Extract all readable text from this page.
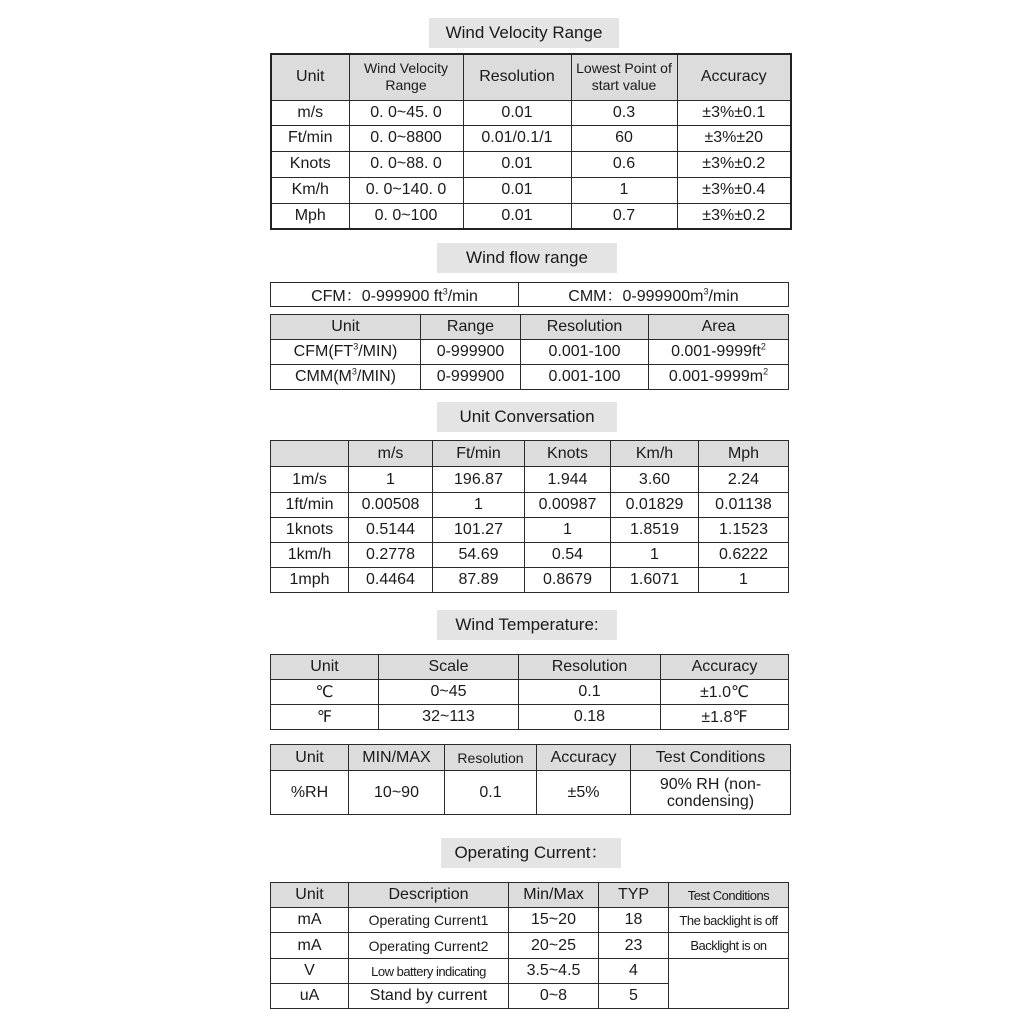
Wind Velocity Range
Unit	Wind Velocity Range	Resolution	Lowest Point of start value	Accuracy
m/s	0. 0~45. 0	0.01	0.3	±3%±0.1
Ft/min	0. 0~8800	0.01/0.1/1	60	±3%±20
Knots	0. 0~88. 0	0.01	0.6	±3%±0.2
Km/h	0. 0~140. 0	0.01	1	±3%±0.4
Mph	0. 0~100	0.01	0.7	±3%±0.2
Wind flow range
CFM：0-999900 $ft^3/\min$	CMM：$0-999900m^3/\min$
Unit	Range	Resolution	Area
$CFM(FT^3/MIN)$	0-999900	0.001-100	$0.001-9999ft^2$
$CMM(M^3/MIN)$	0-999900	0.001-100	$0.001-9999m^2$
Unit Conversation
	m/s	Ft/min	Knots	Km/h	Mph
1m/s	1	196.87	1.944	3.60	2.24
1ft/min	0.00508	1	0.00987	0.01829	0.01138
1knots	0.5144	101.27	1	1.8519	1.1523
1km/h	0.2778	54.69	0.54	1	0.6222
1mph	0.4464	87.89	0.8679	1.6071	1
Wind Temperature:
Unit	Scale	Resolution	Accuracy
℃	0~45	0.1	±1.0℃
℉	32~113	0.18	±1.8℉
Unit	MIN/MAX	Resolution	Accuracy	Test Conditions
%RH	10~90	0.1	±5%	90% RH (non-condensing)
Operating Current：
Unit	Description	Min/Max	TYP	Test Conditions
mA	Operating Current1	15~20	18	The backlight is off
mA	Operating Current2	20~25	23	Backlight is on
V	Low battery indicating	3.5~4.5	4	
uA	Stand by current	0~8	5	
